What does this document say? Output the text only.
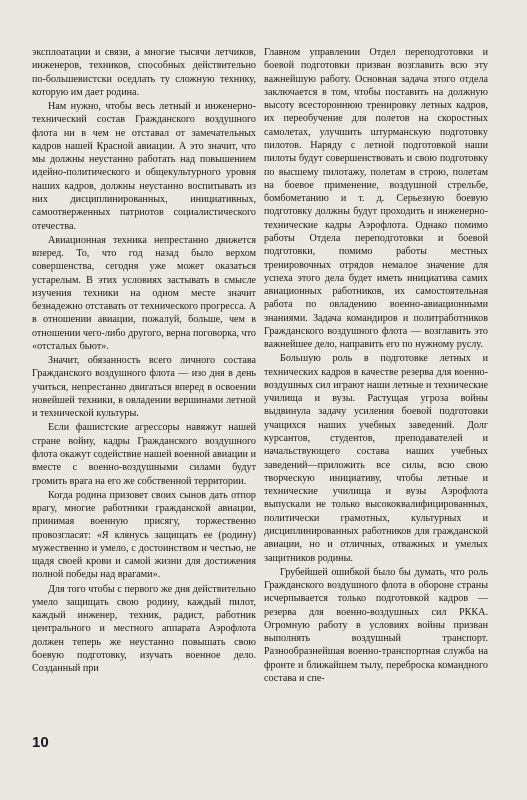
эксплоатации и связи, а многие тысячи летчиков, инженеров, техников, способных действительно по-большевистски оседлать ту сложную технику, которую им дает родина.

Нам нужно, чтобы весь летный и инженерно-технический состав Гражданского воздушного флота ни в чем не отставал от замечательных кадров нашей Красной авиации. А это значит, что мы должны неустанно работать над повышением идейно-политического и общекультурного уровня наших кадров, должны неустанно воспитывать из них дисциплинированных, инициативных, самоотверженных патриотов социалистического отечества.

Авиационная техника непрестанно движется вперед. То, что год назад было верхом совершенства, сегодня уже может оказаться устарелым. В этих условиях застывать в смысле изучения техники на одном месте значит безнадежно отставать от технического прогресса. А в отношении авиации, пожалуй, больше, чем в отношении чего-либо другого, верна поговорка, что «отсталых бьют».

Значит, обязанность всего личного состава Гражданского воздушного флота — изо дня в день учиться, непрестанно двигаться вперед в освоении новейшей техники, в овладении вершинами летной и технической культуры.

Если фашистские агрессоры навяжут нашей стране войну, кадры Гражданского воздушного флота окажут содействие нашей военной авиации и вместе с военно-воздушными силами будут громить врага на его же собственной территории.

Когда родина призовет своих сынов дать отпор врагу, многие работники гражданской авиации, принимая военную присягу, торжественно провозгласят: «Я клянусь защищать ее (родину) мужественно и умело, с достоинством и честью, не щадя своей крови и самой жизни для достижения полной победы над врагами».

Для того чтобы с первого же дня действительно умело защищать свою родину, каждый пилот, каждый инженер, техник, радист, работник центрального и местного аппарата Аэрофлота должен теперь же неустанно повышать свою боевую подготовку, изучать военное дело. Созданный при

Главном управлении Отдел переподготовки и боевой подготовки призван возглавить всю эту важнейшую работу. Основная задача этого отдела заключается в том, чтобы поставить на должную высоту всестороннюю тренировку летных кадров, их переобучение для полетов на скоростных самолетах, улучшить штурманскую подготовку пилотов. Наряду с летной подготовкой наши пилоты будут совершенствовать и свою подготовку по высшему пилотажу, полетам в строю, полетам на боевое применение, воздушной стрельбе, бомбометанию и т. д. Серьезную боевую подготовку должны будут проходить и инженерно-технические кадры Аэрофлота. Однако помимо работы Отдела переподготовки и боевой подготовки, помимо работы местных тренировочных отрядов немалое значение для успеха этого дела будет иметь инициатива самих авиационных работников, их самостоятельная работа по овладению военно-авиационными знаниями. Задача командиров и политработников Гражданского воздушного флота — возглавить это важнейшее дело, направить его по нужному руслу.

Большую роль в подготовке летных и технических кадров в качестве резерва для военно-воздушных сил играют наши летные и технические училища и вузы. Растущая угроза войны выдвинула задачу усиления боевой подготовки учащихся наших учебных заведений. Долг курсантов, студентов, преподавателей и начальствующего состава наших учебных заведений—приложить все силы, всю свою творческую инициативу, чтобы летные и технические училища и вузы Аэрофлота выпускали не только высококвалифицированных, политически грамотных, культурных и дисциплинированных работников для гражданской авиации, но и отличных, отважных и умелых защитников родины.

Грубейшей ошибкой было бы думать, что роль Гражданского воздушного флота в обороне страны исчерпывается только подготовкой кадров — резерва для военно-воздушных сил РККА. Огромную работу в условиях войны призван выполнять воздушный транспорт. Разнообразнейшая военно-транспортная служба на фронте и ближайшем тылу, переброска командного состава и спе-

10
